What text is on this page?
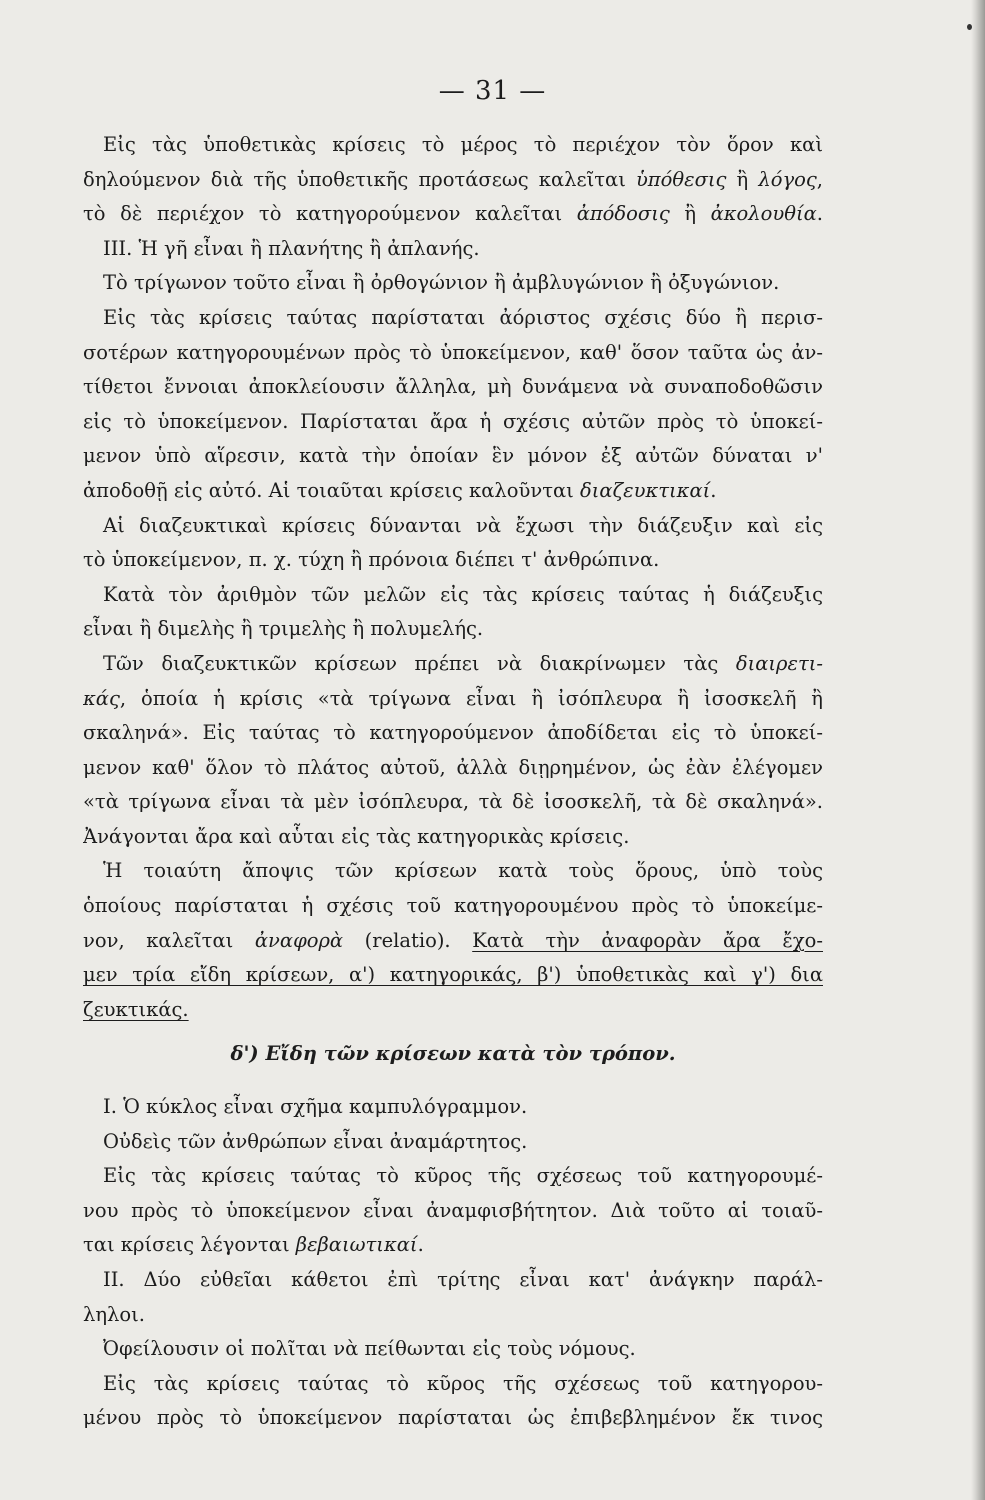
— 31 —
Εἰς τὰς ὑποθετικὰς κρίσεις τὸ μέρος τὸ περιέχον τὸν ὅρον καὶ
δηλούμενον διὰ τῆς ὑποθετικῆς προτάσεως καλεῖται ὑπόθεσις ἢ λόγος,
τὸ δὲ περιέχον τὸ κατηγορούμενον καλεῖται ἀπόδοσις ἢ ἀκολουθία.
III. Ἡ γῆ εἶναι ἢ πλανήτης ἢ ἀπλανής.
Τὸ τρίγωνον τοῦτο εἶναι ἢ ὀρθογώνιον ἢ ἀμβλυγώνιον ἢ ὀξυγώνιον.
Εἰς τὰς κρίσεις ταύτας παρίσταται ἀόριστος σχέσις δύο ἢ περισ-
σοτέρων κατηγορουμένων πρὸς τὸ ὑποκείμενον, καθ' ὅσον ταῦτα ὡς ἀν-
τίθετοι ἔννοιαι ἀποκλείουσιν ἄλληλα, μὴ δυνάμενα νὰ συναποδοθῶσιν
εἰς τὸ ὑποκείμενον. Παρίσταται ἄρα ἡ σχέσις αὐτῶν πρὸς τὸ ὑποκεί-
μενον ὑπὸ αἵρεσιν, κατὰ τὴν ὁποίαν ἓν μόνον ἐξ αὐτῶν δύναται ν'
ἀποδοθῇ εἰς αὐτό. Αἱ τοιαῦται κρίσεις καλοῦνται διαζευκτικαί.
Αἱ διαζευκτικαὶ κρίσεις δύνανται νὰ ἔχωσι τὴν διάζευξιν καὶ εἰς
τὸ ὑποκείμενον, π. χ. τύχη ἢ πρόνοια διέπει τ' ἀνθρώπινα.
Κατὰ τὸν ἀριθμὸν τῶν μελῶν εἰς τὰς κρίσεις ταύτας ἡ διάζευξις
εἶναι ἢ διμελὴς ἢ τριμελὴς ἢ πολυμελής.
Τῶν διαζευκτικῶν κρίσεων πρέπει νὰ διακρίνωμεν τὰς διαιρετι-
κάς, ὁποία ἡ κρίσις «τὰ τρίγωνα εἶναι ἢ ἰσόπλευρα ἢ ἰσοσκελῆ ἢ
σκαληνά». Εἰς ταύτας τὸ κατηγορούμενον ἀποδίδεται εἰς τὸ ὑποκεί-
μενον καθ' ὅλον τὸ πλάτος αὐτοῦ, ἀλλὰ διῃρημένον, ὡς ἐὰν ἐλέγομεν
«τὰ τρίγωνα εἶναι τὰ μὲν ἰσόπλευρα, τὰ δὲ ἰσοσκελῆ, τὰ δὲ σκαληνά».
Ἀνάγονται ἄρα καὶ αὗται εἰς τὰς κατηγορικὰς κρίσεις.
Ἡ τοιαύτη ἄποψις τῶν κρίσεων κατὰ τοὺς ὅρους, ὑπὸ τοὺς
ὁποίους παρίσταται ἡ σχέσις τοῦ κατηγορουμένου πρὸς τὸ ὑποκείμε-
νον, καλεῖται ἀναφορὰ (relatio). Κατὰ τὴν ἀναφορὰν ἄρα ἔχο-
μεν τρία εἴδη κρίσεων, α') κατηγορικάς, β') ὑποθετικὰς καὶ γ') δια
ζευκτικάς.
δ') Εἴδη τῶν κρίσεων κατὰ τὸν τρόπον.
I. Ὁ κύκλος εἶναι σχῆμα καμπυλόγραμμον.
Οὐδεὶς τῶν ἀνθρώπων εἶναι ἀναμάρτητος.
Εἰς τὰς κρίσεις ταύτας τὸ κῦρος τῆς σχέσεως τοῦ κατηγορουμέ-
νου πρὸς τὸ ὑποκείμενον εἶναι ἀναμφισβήτητον. Διὰ τοῦτο αἱ τοιαῦ-
ται κρίσεις λέγονται βεβαιωτικαί.
II. Δύο εὐθεῖαι κάθετοι ἐπὶ τρίτης εἶναι κατ' ἀνάγκην παράλ-
ληλοι.
Ὀφείλουσιν οἱ πολῖται νὰ πείθωνται εἰς τοὺς νόμους.
Εἰς τὰς κρίσεις ταύτας τὸ κῦρος τῆς σχέσεως τοῦ κατηγορου-
μένου πρὸς τὸ ὑποκείμενον παρίσταται ὡς ἐπιβεβλημένον ἔκ τινος
